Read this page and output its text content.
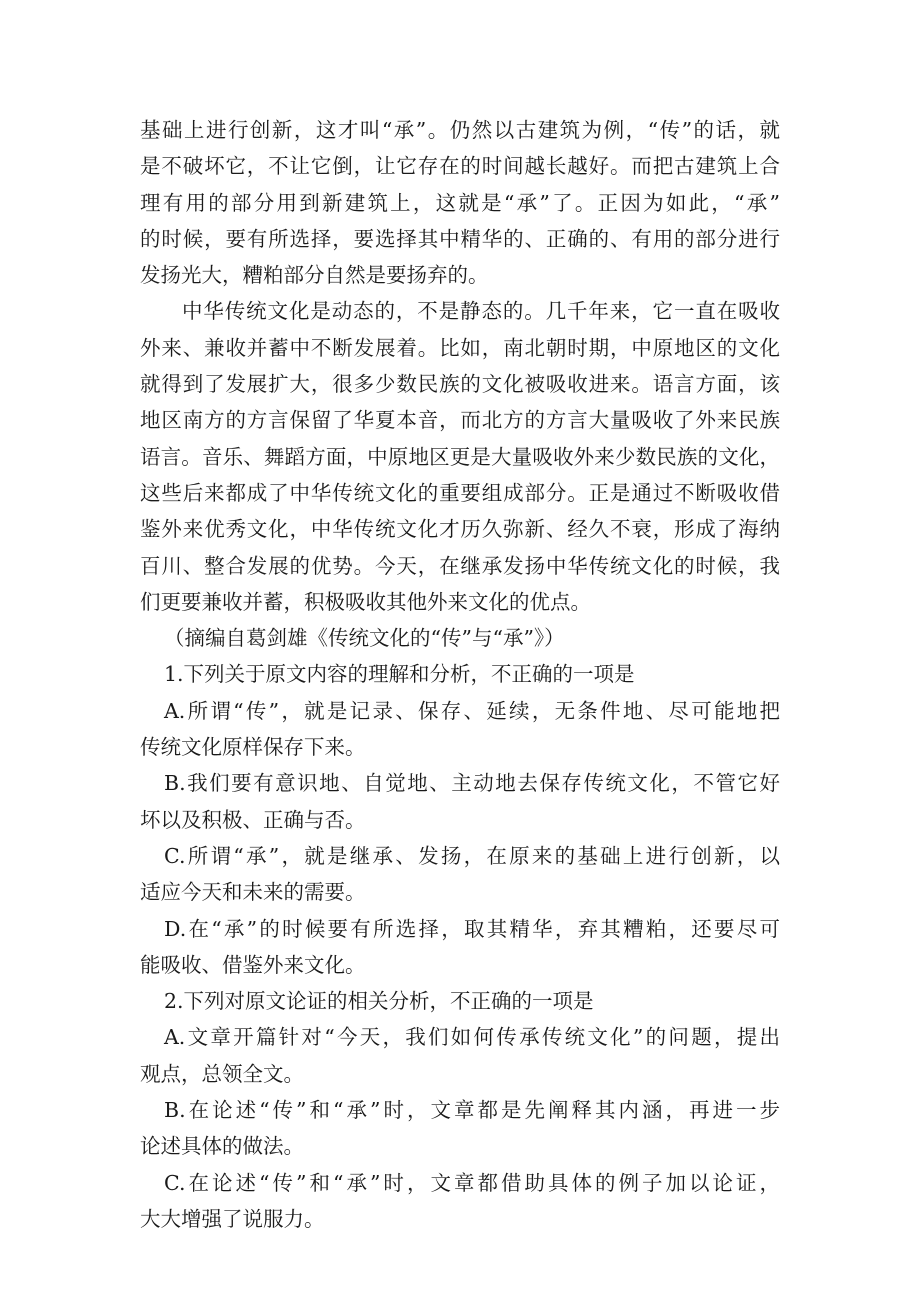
基础上进行创新，这才叫“承”。仍然以古建筑为例，“传”的话，就
是不破坏它，不让它倒，让它存在的时间越长越好。而把古建筑上合
理有用的部分用到新建筑上，这就是“承”了。正因为如此，“承”
的时候，要有所选择，要选择其中精华的、正确的、有用的部分进行
发扬光大，糟粕部分自然是要扬弃的。
中华传统文化是动态的，不是静态的。几千年来，它一直在吸收
外来、兼收并蓄中不断发展着。比如，南北朝时期，中原地区的文化
就得到了发展扩大，很多少数民族的文化被吸收进来。语言方面，该
地区南方的方言保留了华夏本音，而北方的方言大量吸收了外来民族
语言。音乐、舞蹈方面，中原地区更是大量吸收外来少数民族的文化，
这些后来都成了中华传统文化的重要组成部分。正是通过不断吸收借
鉴外来优秀文化，中华传统文化才历久弥新、经久不衰，形成了海纳
百川、整合发展的优势。今天，在继承发扬中华传统文化的时候，我
们更要兼收并蓄，积极吸收其他外来文化的优点。
（摘编自葛剑雄《传统文化的“传”与“承”》）
1.下列关于原文内容的理解和分析，不正确的一项是
A.所谓“传”，就是记录、保存、延续，无条件地、尽可能地把
传统文化原样保存下来。
B.我们要有意识地、自觉地、主动地去保存传统文化，不管它好
坏以及积极、正确与否。
C.所谓“承”，就是继承、发扬，在原来的基础上进行创新，以
适应今天和未来的需要。
D.在“承”的时候要有所选择，取其精华，弃其糟粕，还要尽可
能吸收、借鉴外来文化。
2.下列对原文论证的相关分析，不正确的一项是
A.文章开篇针对“今天，我们如何传承传统文化”的问题，提出
观点，总领全文。
B.在论述“传”和“承”时，文章都是先阐释其内涵，再进一步
论述具体的做法。
C.在论述“传”和“承”时，文章都借助具体的例子加以论证，
大大增强了说服力。
